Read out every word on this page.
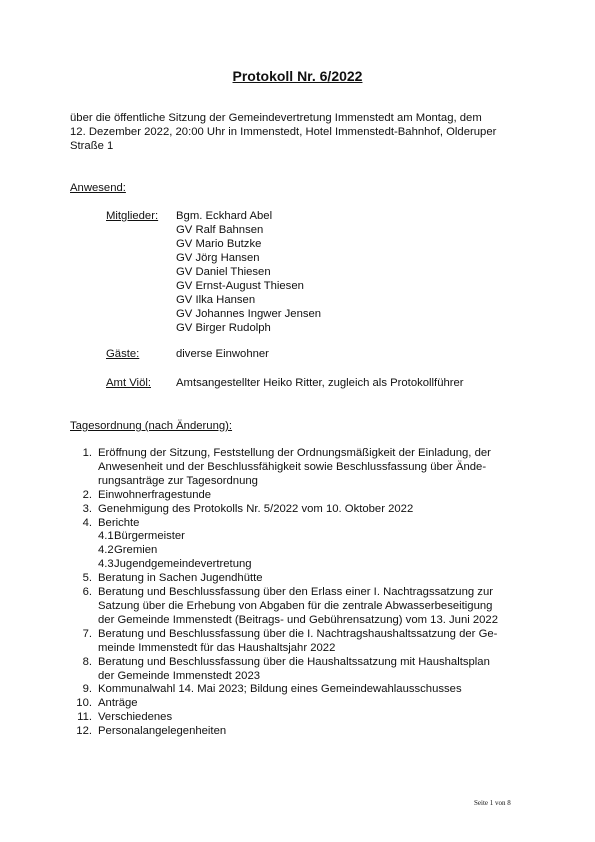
Protokoll Nr. 6/2022
über die öffentliche Sitzung der Gemeindevertretung Immenstedt am Montag, dem
12. Dezember 2022, 20:00 Uhr in Immenstedt, Hotel Immenstedt-Bahnhof, Olderuper
Straße 1
Anwesend:
Mitglieder: Bgm. Eckhard Abel
GV Ralf Bahnsen
GV Mario Butzke
GV Jörg Hansen
GV Daniel Thiesen
GV Ernst-August Thiesen
GV Ilka Hansen
GV Johannes Ingwer Jensen
GV Birger Rudolph
Gäste:	diverse Einwohner
Amt Viöl: Amtsangestellter Heiko Ritter, zugleich als Protokollführer
Tagesordnung (nach Änderung):
1. Eröffnung der Sitzung, Feststellung der Ordnungsmäßigkeit der Einladung, der
Anwesenheit und der Beschlussfähigkeit sowie Beschlussfassung über Ände-
rungsanträge zur Tagesordnung
2. Einwohnerfragestunde
3. Genehmigung des Protokolls Nr. 5/2022 vom 10. Oktober 2022
4. Berichte
4.1 Bürgermeister
4.2 Gremien
4.3 Jugendgemeindevertretung
5. Beratung in Sachen Jugendhütte
6. Beratung und Beschlussfassung über den Erlass einer I. Nachtragssatzung zur
Satzung über die Erhebung von Abgaben für die zentrale Abwasserbeseitigung
der Gemeinde Immenstedt (Beitrags- und Gebührensatzung) vom 13. Juni 2022
7. Beratung und Beschlussfassung über die I. Nachtragshaushaltssatzung der Ge-
meinde Immenstedt für das Haushaltsjahr 2022
8. Beratung und Beschlussfassung über die Haushaltssatzung mit Haushaltsplan
der Gemeinde Immenstedt 2023
9. Kommunalwahl 14. Mai 2023; Bildung eines Gemeindewahlausschusses
10. Anträge
11. Verschiedenes
12. Personalangelegenheiten
Seite 1 von 8
